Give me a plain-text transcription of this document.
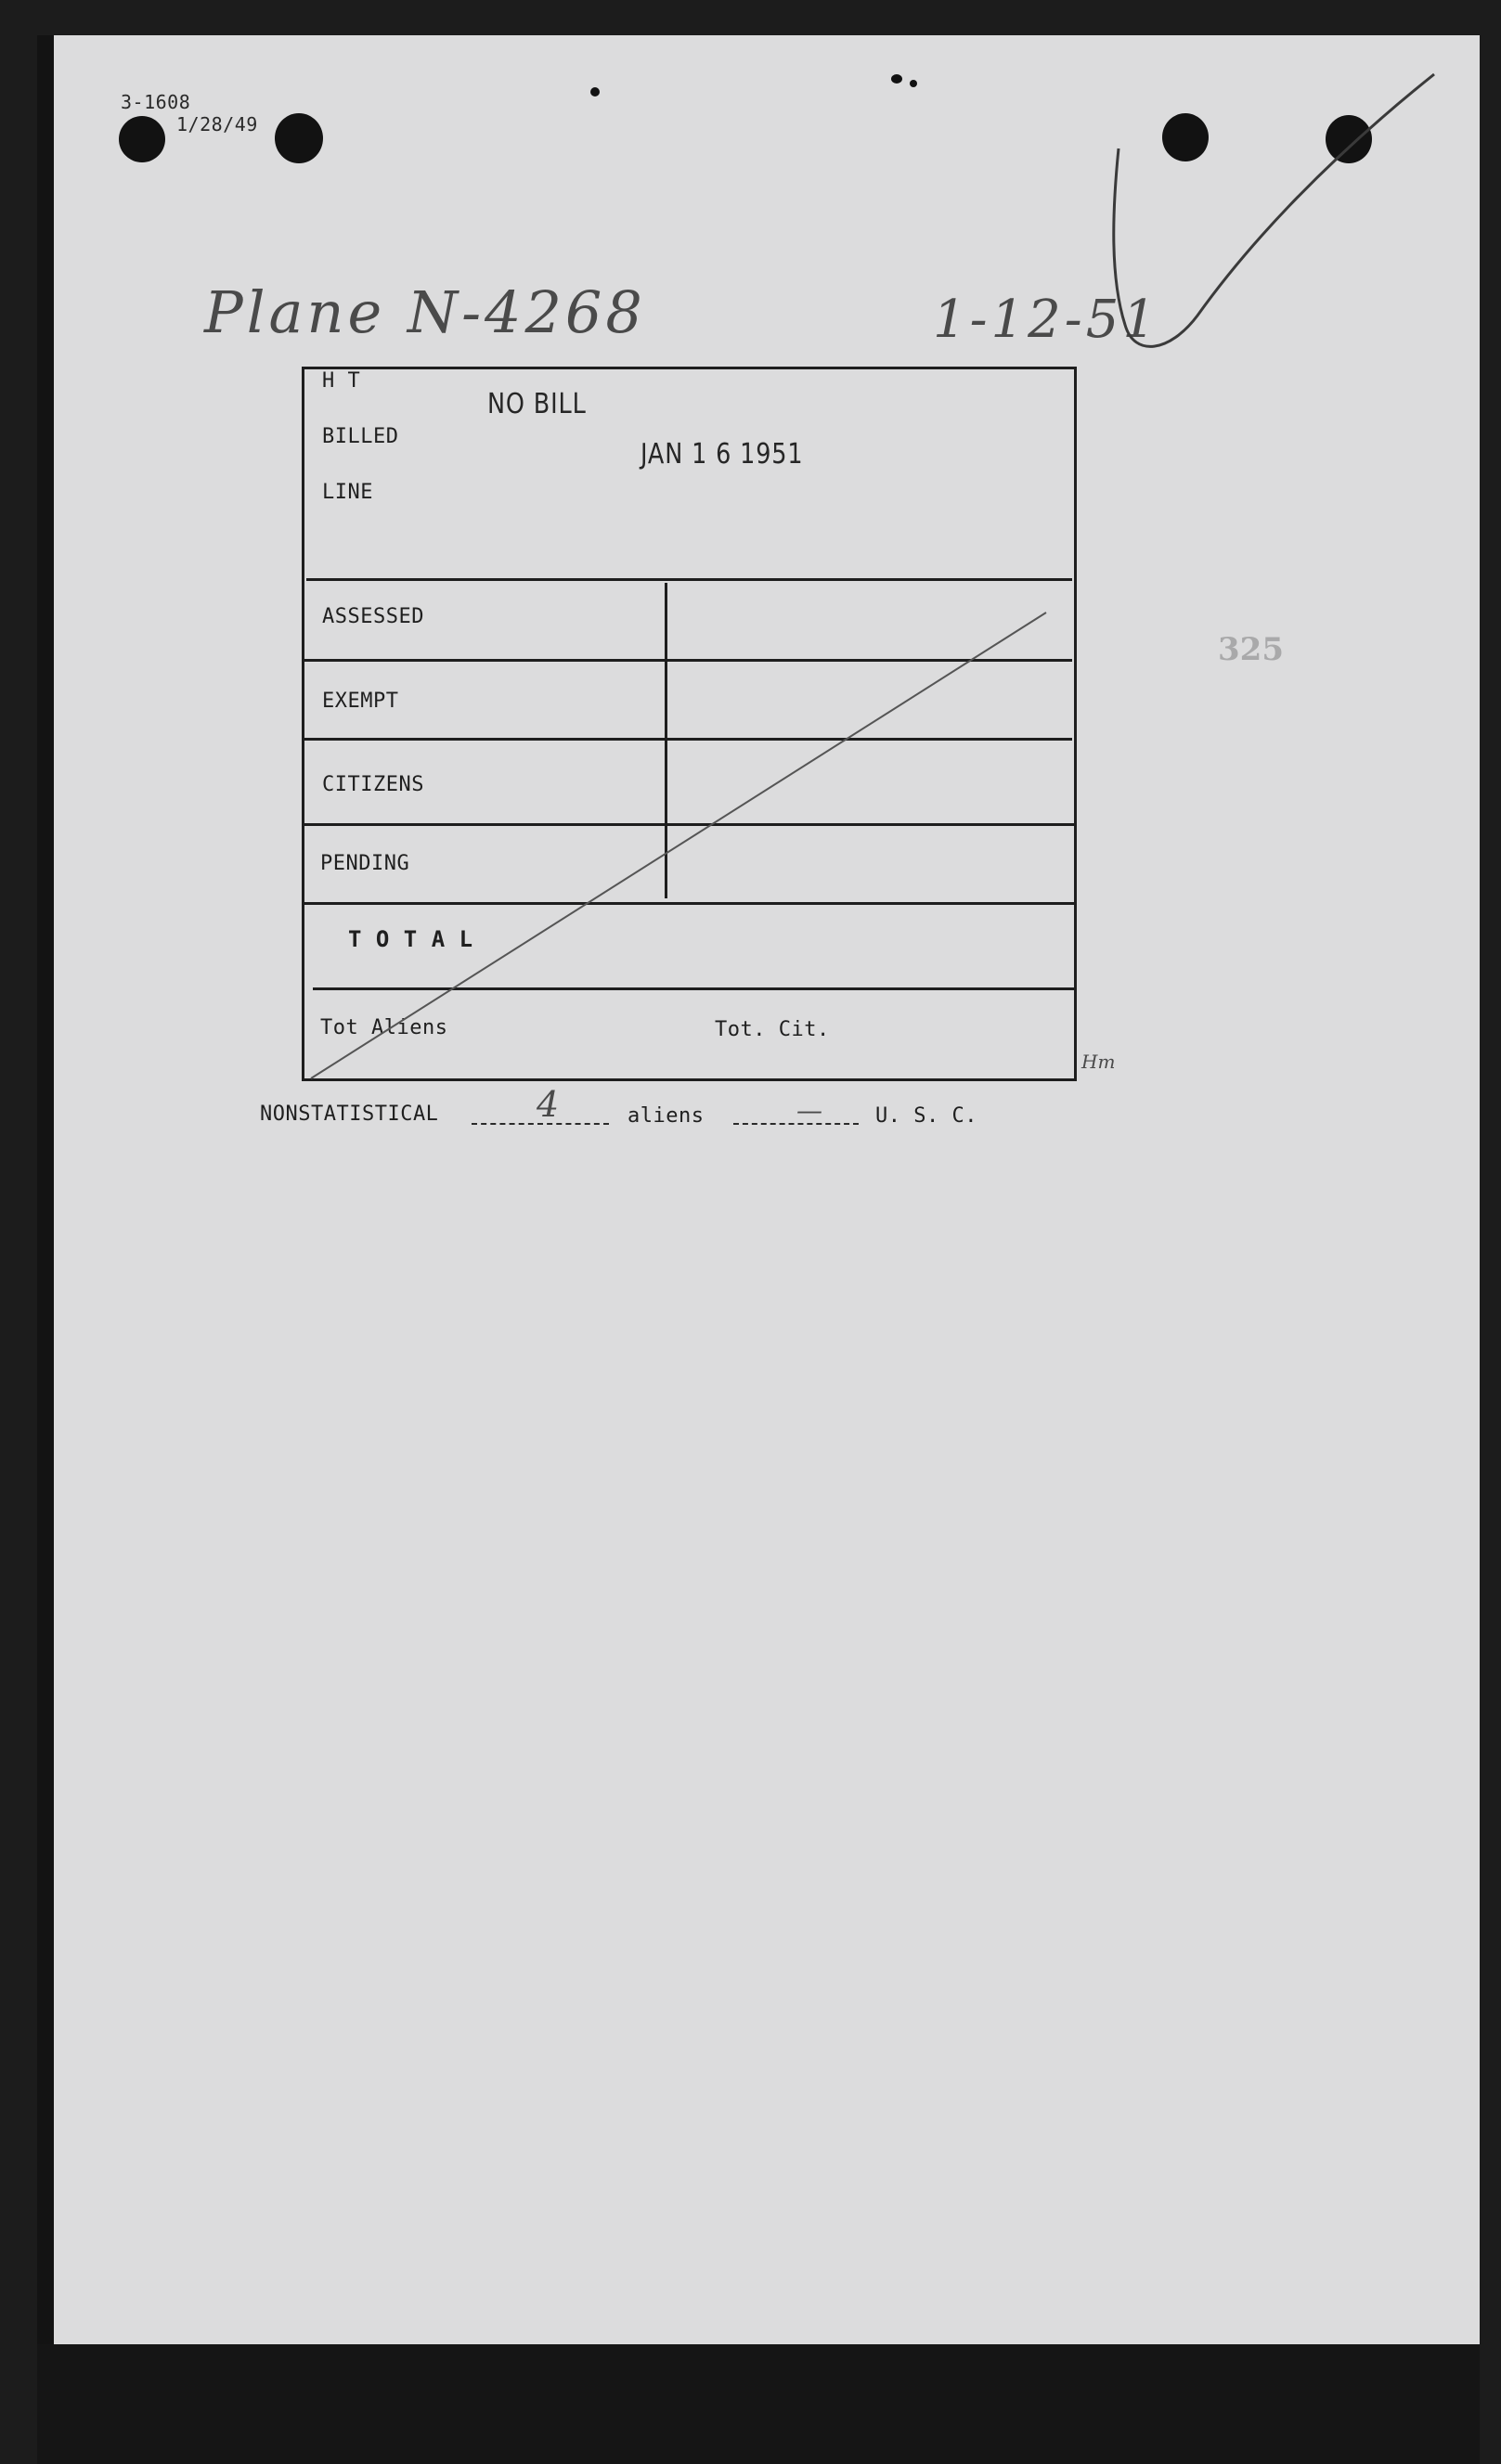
3-1608
1/28/49
Plane N-4268	1-12-51
NO BILL
JAN 1 6 1951
325
H T
BILLED
LINE
ASSESSED
EXEMPT
CITIZENS
PENDING
T O T A L
Tot Aliens	Tot. Cit.
Hm
NONSTATISTICAL	4	aliens	—	U. S. C.
